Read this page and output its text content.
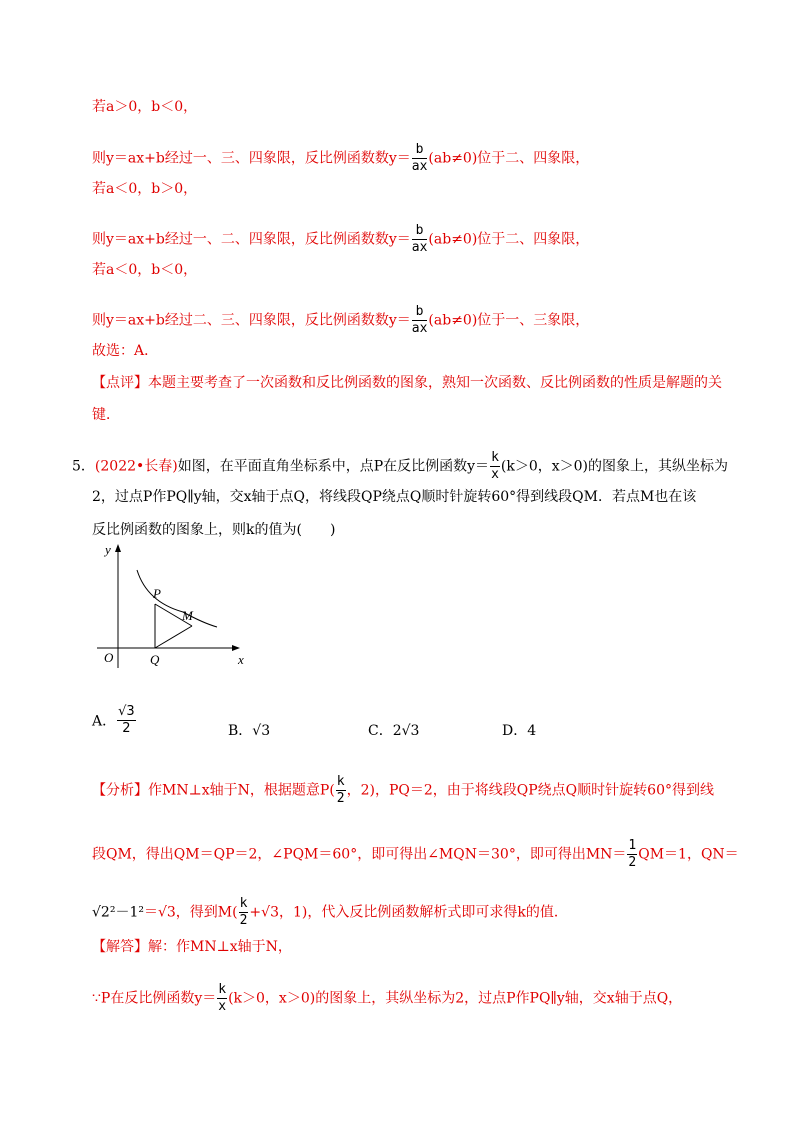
若a＞0，b＜0，
则y＝ax+b经过一、三、四象限，反比例函数数$y= \frac{b}{ax} (ab\ne 0)$位于二、四象限，
若a＜0，b＞0，
则y＝ax+b经过一、二、四象限，反比例函数数$y= \frac{b}{ax} (ab\ne 0)$位于二、四象限，
若a＜0，b＜0，
则y＝ax+b经过二、三、四象限，反比例函数数$y= \frac{b}{ax} (ab\ne 0)$位于一、三象限，
故选：A．
【点评】本题主要考查了一次函数和反比例函数的图象，熟知一次函数、反比例函数的性质是解题的关
键．
5．(2022•长春)如图，在平面直角坐标系中，点P在反比例函数$y= \frac{k}{x} (k>0$，x＞0)的图象上，其纵坐标为
2，过点P作PQ∥y轴，交x轴于点Q，将线段QP绕点Q顺时针旋转60°得到线段QM．若点M也在该
反比例函数的图象上，则k的值为(　　)
y
x
O
P
Q
M
A． $\frac{√3}{2}$	B．√3	C．2√3	D．4
【分析】作MN⊥x轴于N，根据题意$P( \frac{k}{2}$ ，2)，PQ＝2，由于将线段QP绕点Q顺时针旋转60°得到线
段QM，得出QM＝QP＝2，∠PQM＝60°，即可得出∠MQN＝30°，即可得出$MN= \frac{1}{2} QM=1$，QN＝
√2²－1²＝√3，得到$M( \frac{k}{2} +√3$，1)，代入反比例函数解析式即可求得k的值．
【解答】解：作MN⊥x轴于N，
∵P在反比例函数$y= \frac{k}{x} (k>0$，x＞0)的图象上，其纵坐标为2，过点P作PQ∥y轴，交x轴于点Q，
